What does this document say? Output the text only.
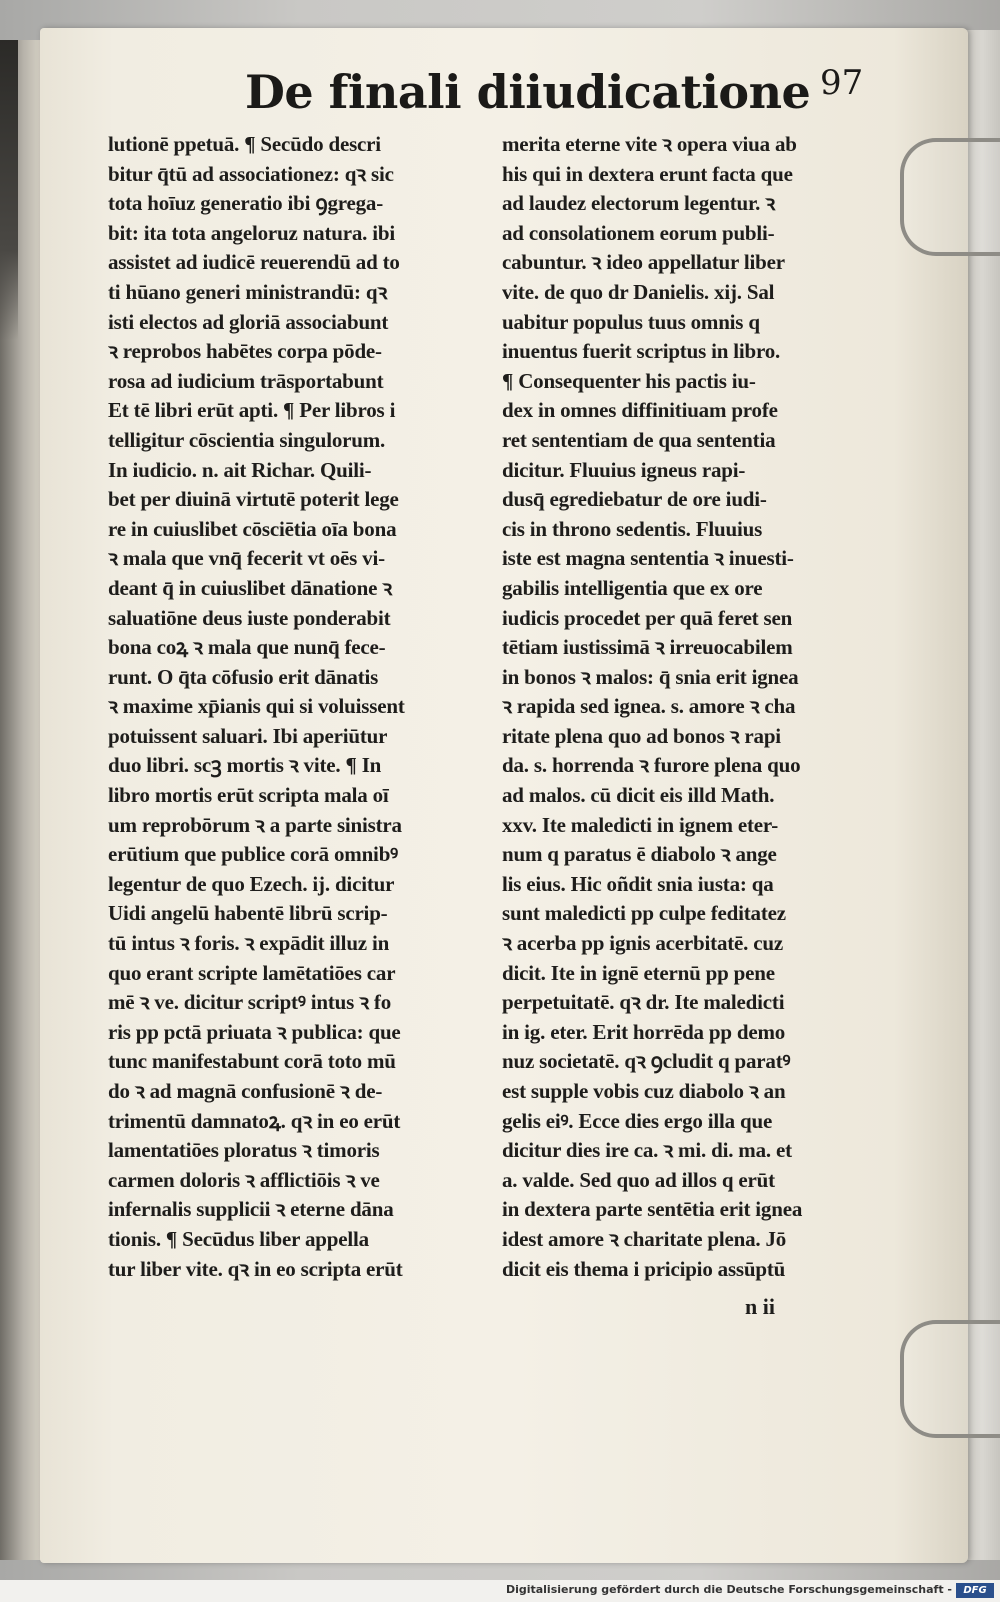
De finali diiudicatione 97
lutionē ppetuā. ¶ Secūdo descri
bitur q̄tū ad associationez: qꝛ sic
tota hoīuz generatio ibi ꝯgrega-
bit: ita tota angeloruz natura. ibi
assistet ad iudicē reuerendū ad to
ti hūano generi ministrandū: qꝛ
isti electos ad gloriā associabunt
ꝛ reprobos habētes corpa pōde-
rosa ad iudicium trāsportabunt
Et tē libri erūt apti. ¶ Per libros i
telligitur cōscientia singulorum.
In iudicio. n. ait Richar. Quili-
bet per diuinā virtutē poterit lege
re in cuiuslibet cōsciētia oīa bona
ꝛ mala que vnq̄ fecerit vt oēs vi-
deant q̄ in cuiuslibet dānatione ꝛ
saluatiōne deus iuste ponderabit
bona coꝝ ꝛ mala que nunq̄ fece-
runt. O q̄ta cōfusio erit dānatis
ꝛ maxime xp̄ianis qui si voluissent
potuissent saluari. Ibi aperiūtur
duo libri. scꝫ mortis ꝛ vite. ¶ In
libro mortis erūt scripta mala oī
um reprobōrum ꝛ a parte sinistra
erūtium que publice corā omnibꝰ
legentur de quo Ezech. ij. dicitur
Uidi angelū habentē librū scrip-
tū intus ꝛ foris. ꝛ expādit illuz in
quo erant scripte lamētatiōes car
mē ꝛ ve. dicitur scriptꝰ intus ꝛ fo
ris pp pctā priuata ꝛ publica: que
tunc manifestabunt corā toto mū
do ꝛ ad magnā confusionē ꝛ de-
trimentū damnatoꝝ. qꝛ in eo erūt
lamentatiōes ploratus ꝛ timoris
carmen doloris ꝛ afflictiōis ꝛ ve
infernalis supplicii ꝛ eterne dāna
tionis. ¶ Secūdus liber appella
tur liber vite. qꝛ in eo scripta erūt
merita eterne vite ꝛ opera viua ab
his qui in dextera erunt facta que
ad laudez electorum legentur. ꝛ
ad consolationem eorum publi-
cabuntur. ꝛ ideo appellatur liber
vite. de quo dr Danielis. xij. Sal
uabitur populus tuus omnis q
inuentus fuerit scriptus in libro.
¶ Consequenter his pactis iu-
dex in omnes diffinitiuam profe
ret sententiam de qua sententia
dicitur. Fluuius igneus rapi-
dusq̄ egrediebatur de ore iudi-
cis in throno sedentis. Fluuius
iste est magna sententia ꝛ inuesti-
gabilis intelligentia que ex ore
iudicis procedet per quā feret sen
tētiam iustissimā ꝛ irreuocabilem
in bonos ꝛ malos: q̄ snia erit ignea
ꝛ rapida sed ignea. s. amore ꝛ cha
ritate plena quo ad bonos ꝛ rapi
da. s. horrenda ꝛ furore plena quo
ad malos. cū dicit eis illd Math.
xxv. Ite maledicti in ignem eter-
num q paratus ē diabolo ꝛ ange
lis eius. Hic oñdit snia iusta: qa
sunt maledicti pp culpe feditatez
ꝛ acerba pp ignis acerbitatē. cuz
dicit. Ite in ignē eternū pp pene
perpetuitatē. qꝛ dr. Ite maledicti
in ig. eter. Erit horrēda pp demo
nuz societatē. qꝛ ꝯcludit q paratꝰ
est supple vobis cuz diabolo ꝛ an
gelis eiꝰ. Ecce dies ergo illa que
dicitur dies ire ca. ꝛ mi. di. ma. et
a. valde. Sed quo ad illos q erūt
in dextera parte sentētia erit ignea
idest amore ꝛ charitate plena. Jō
dicit eis thema i pricipio assūptū
n ii
Digitalisierung gefördert durch die Deutsche Forschungsgemeinschaft -	DFG
